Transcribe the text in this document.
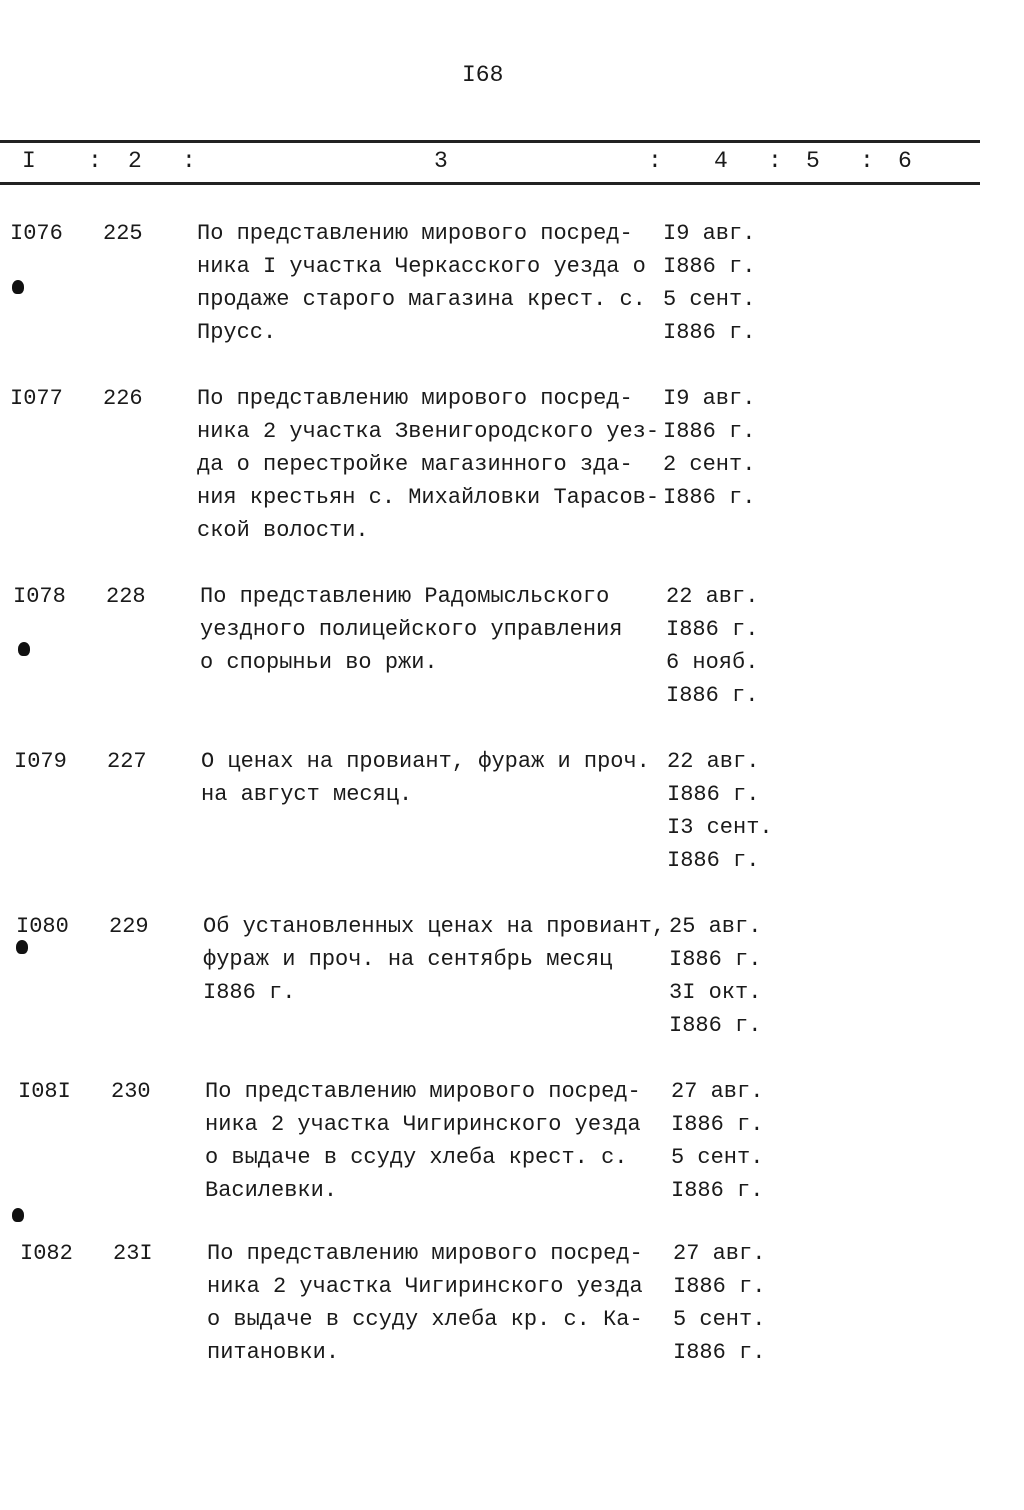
I68
I : 2 :	3	: 4 : 5 : 6
I076 225 По представлению мирового посред-
ника I участка Черкасского уезда о
продаже старого магазина крест. с.
Прусс.
I9 авг.
I886 г.
5 сент.
I886 г.
I077 226 По представлению мирового посред-
ника 2 участка Звенигородского уез-
да о перестройке магазинного зда-
ния крестьян с. Михайловки Тарасов-
ской волости.
I9 авг.
I886 г.
2 сент.
I886 г.
I078 228 По представлению Радомысльского
уездного полицейского управления
о спорыньи во ржи.
22 авг.
I886 г.
6 нояб.
I886 г.
I079 227 О ценах на провиант, фураж и проч.
на август месяц.
22 авг.
I886 г.
I3 сент.
I886 г.
I080 229 Об установленных ценах на провиант,
фураж и проч. на сентябрь месяц
I886 г.
25 авг.
I886 г.
3I окт.
I886 г.
I08I 230 По представлению мирового посред-
ника 2 участка Чигиринского уезда
о выдаче в ссуду хлеба крест. с.
Василевки.
27 авг.
I886 г.
5 сент.
I886 г.
I082 23I По представлению мирового посред-
ника 2 участка Чигиринского уезда
о выдаче в ссуду хлеба кр. с. Ка-
питановки.
27 авг.
I886 г.
5 сент.
I886 г.
